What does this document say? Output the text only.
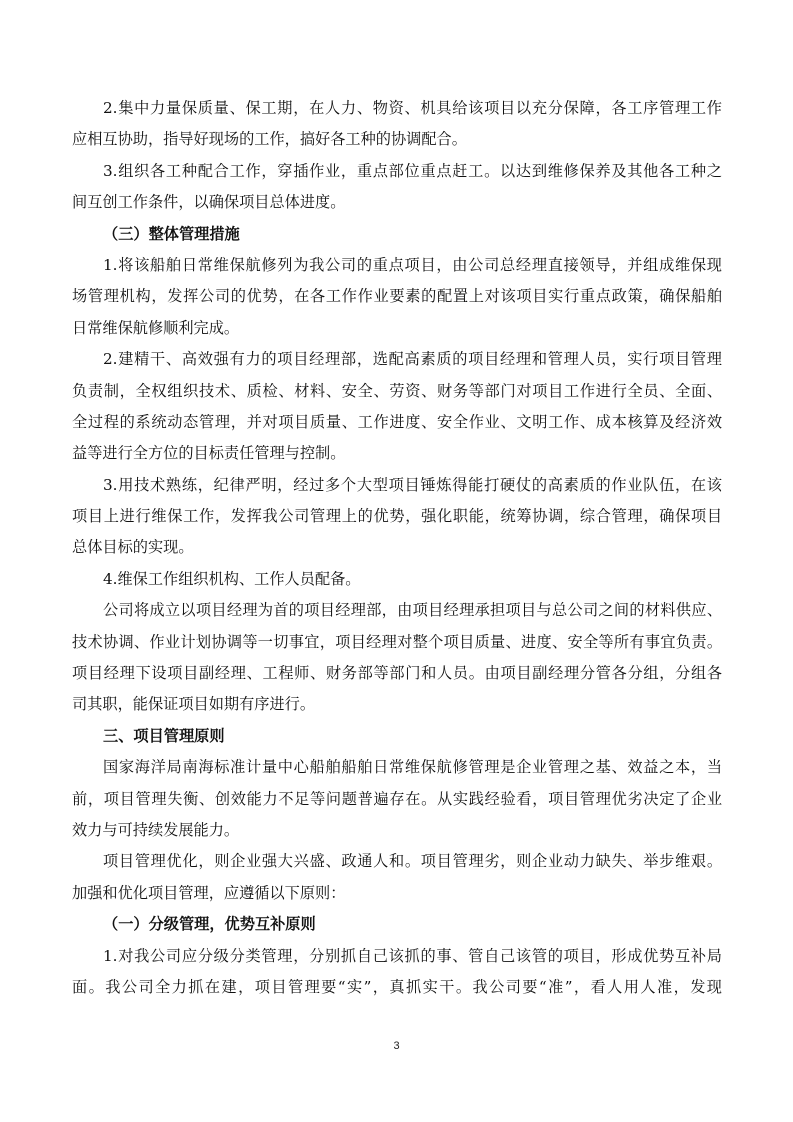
2.集中力量保质量、保工期，在人力、物资、机具给该项目以充分保障，各工序管理工作
应相互协助，指导好现场的工作，搞好各工种的协调配合。
3.组织各工种配合工作，穿插作业，重点部位重点赶工。以达到维修保养及其他各工种之
间互创工作条件，以确保项目总体进度。
（三）整体管理措施
1.将该船舶日常维保航修列为我公司的重点项目，由公司总经理直接领导，并组成维保现
场管理机构，发挥公司的优势，在各工作作业要素的配置上对该项目实行重点政策，确保船舶
日常维保航修顺利完成。
2.建精干、高效强有力的项目经理部，选配高素质的项目经理和管理人员，实行项目管理
负责制，全权组织技术、质检、材料、安全、劳资、财务等部门对项目工作进行全员、全面、
全过程的系统动态管理，并对项目质量、工作进度、安全作业、文明工作、成本核算及经济效
益等进行全方位的目标责任管理与控制。
3.用技术熟练，纪律严明，经过多个大型项目锤炼得能打硬仗的高素质的作业队伍，在该
项目上进行维保工作，发挥我公司管理上的优势，强化职能，统筹协调，综合管理，确保项目
总体目标的实现。
4.维保工作组织机构、工作人员配备。
公司将成立以项目经理为首的项目经理部，由项目经理承担项目与总公司之间的材料供应、
技术协调、作业计划协调等一切事宜，项目经理对整个项目质量、进度、安全等所有事宜负责。
项目经理下设项目副经理、工程师、财务部等部门和人员。由项目副经理分管各分组，分组各
司其职，能保证项目如期有序进行。
三、项目管理原则
国家海洋局南海标准计量中心船舶船舶日常维保航修管理是企业管理之基、效益之本，当
前，项目管理失衡、创效能力不足等问题普遍存在。从实践经验看，项目管理优劣决定了企业
效力与可持续发展能力。
项目管理优化，则企业强大兴盛、政通人和。项目管理劣，则企业动力缺失、举步维艰。
加强和优化项目管理，应遵循以下原则：
（一）分级管理，优势互补原则
1.对我公司应分级分类管理，分别抓自己该抓的事、管自己该管的项目，形成优势互补局
面。我公司全力抓在建，项目管理要“实”，真抓实干。我公司要“准”，看人用人准，发现
3
